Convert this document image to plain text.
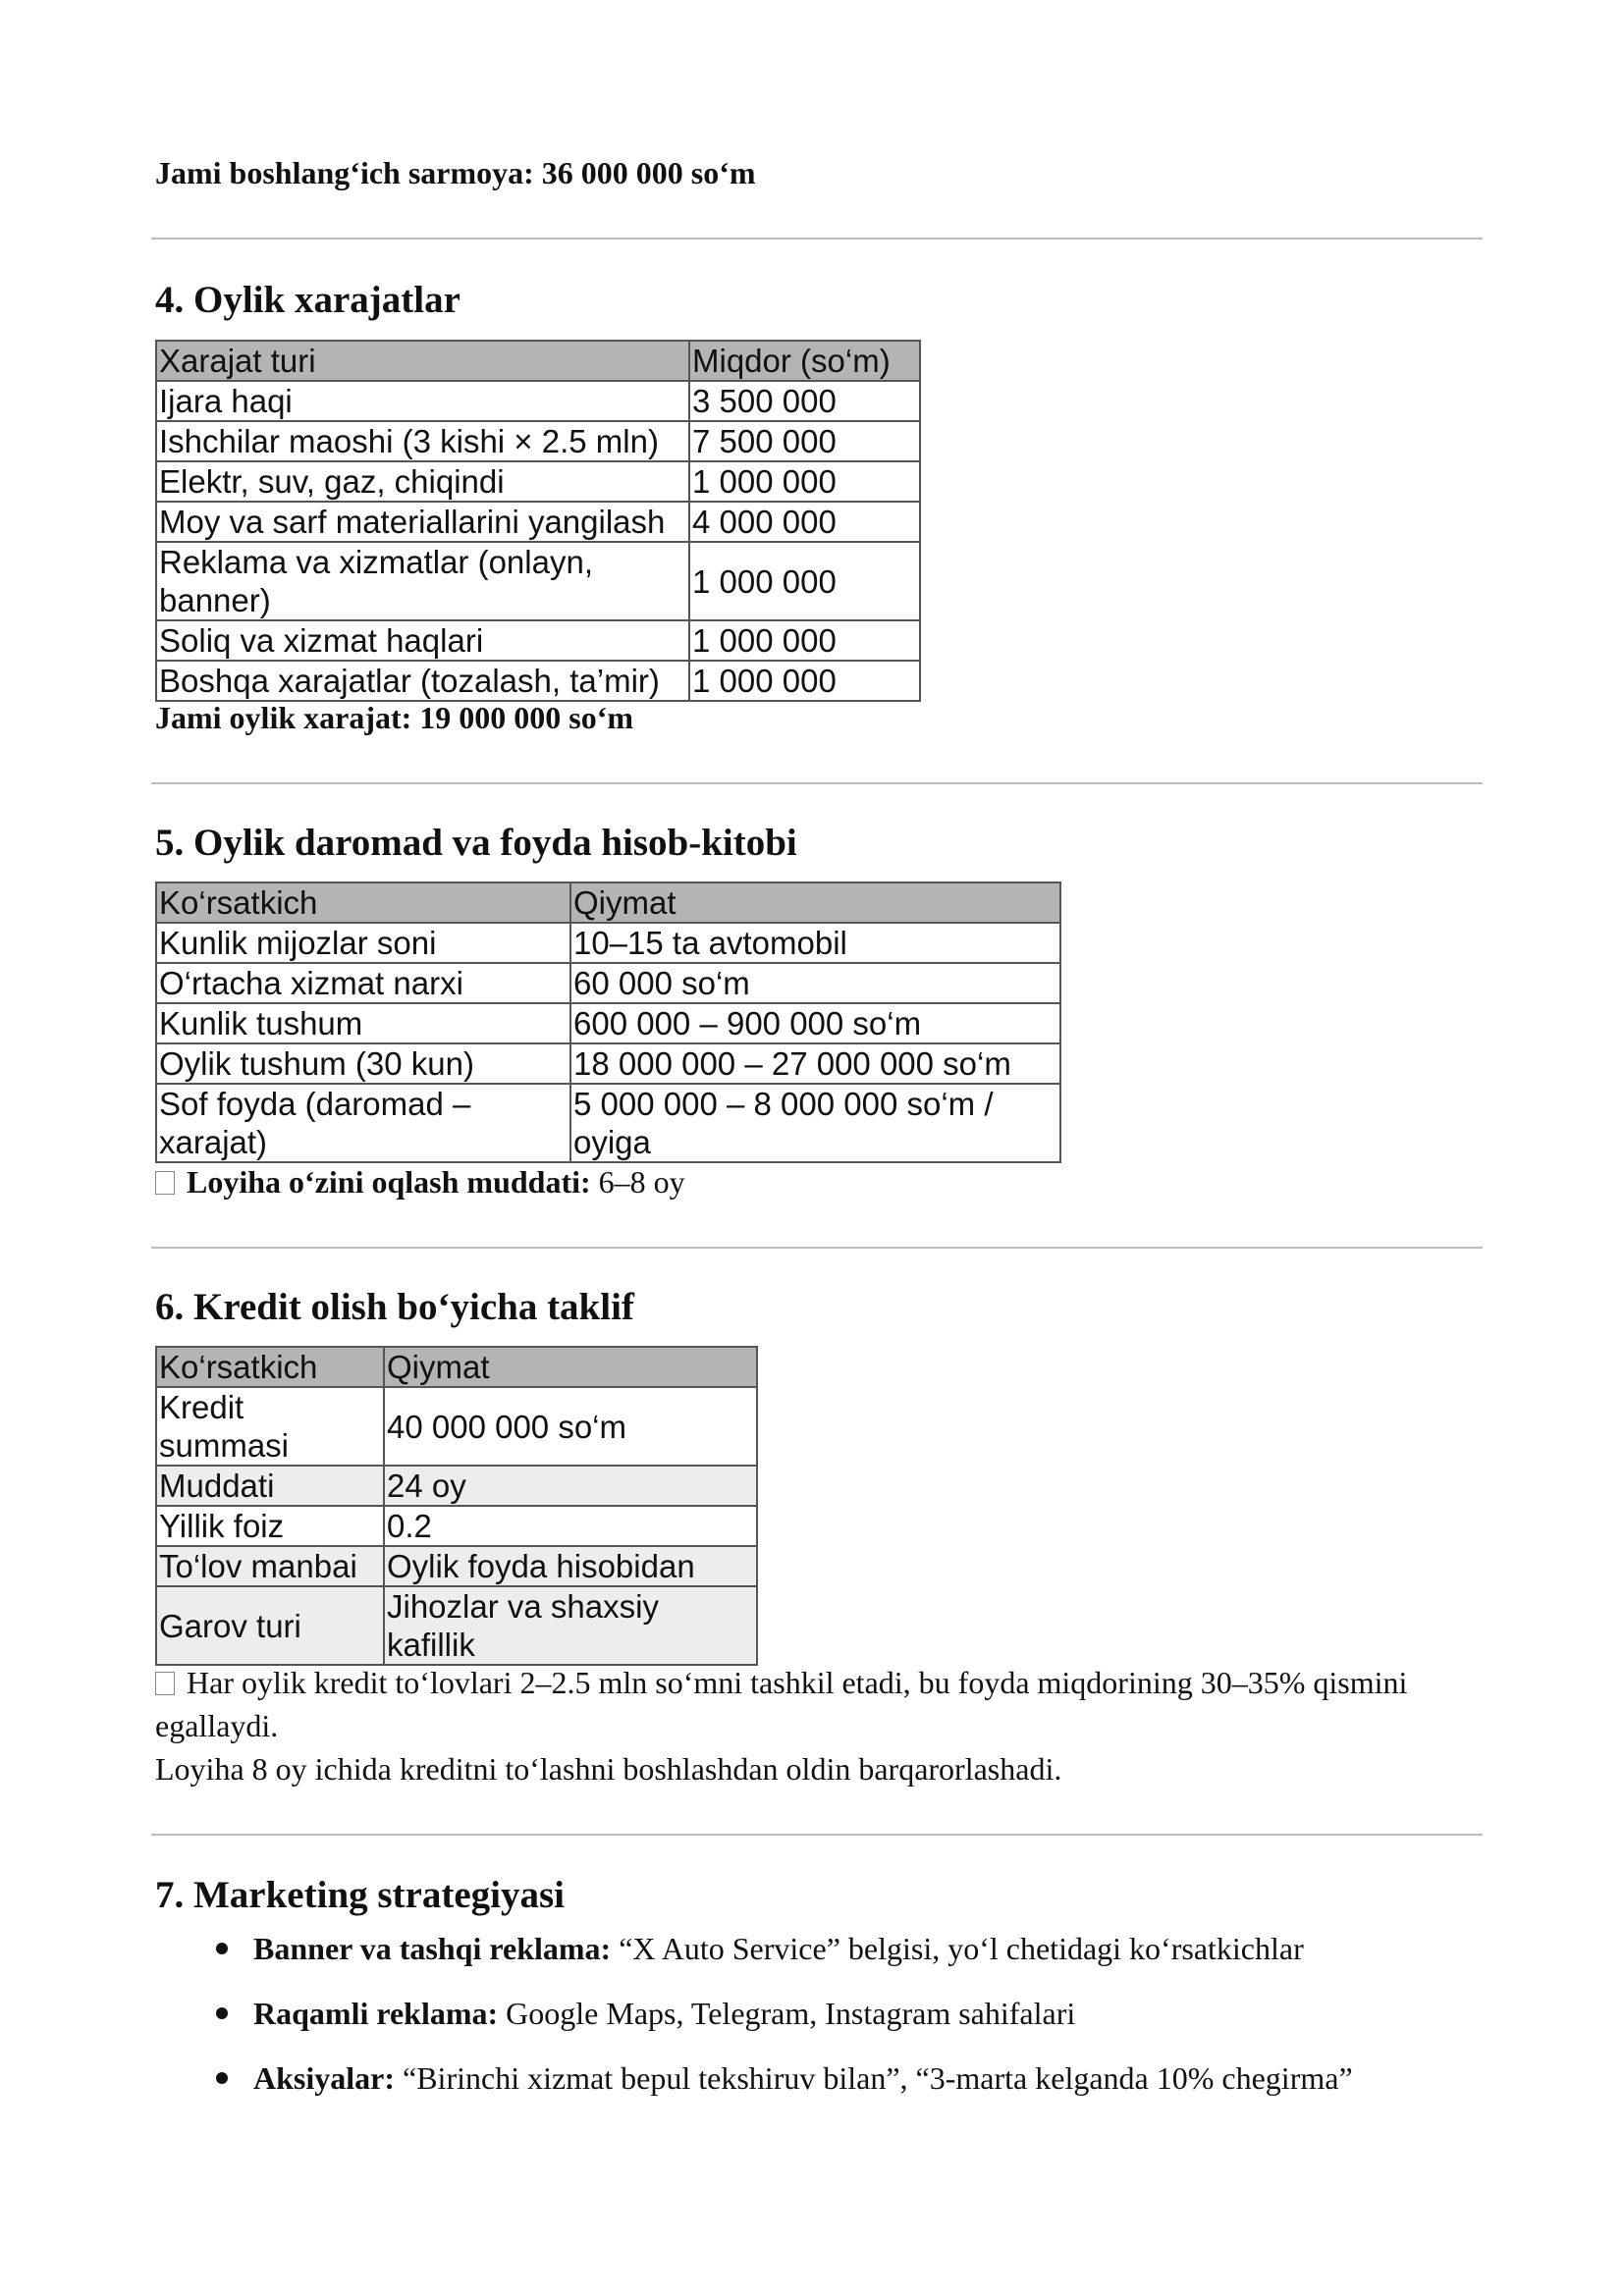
Jami boshlang‘ich sarmoya: 36 000 000 so‘m
4. Oylik xarajatlar
Xarajat turi	Miqdor (so‘m)
Ijara haqi	3 500 000
Ishchilar maoshi (3 kishi × 2.5 mln)	7 500 000
Elektr, suv, gaz, chiqindi	1 000 000
Moy va sarf materiallarini yangilash	4 000 000
Reklama va xizmatlar (onlayn, banner)	1 000 000
Soliq va xizmat haqlari	1 000 000
Boshqa xarajatlar (tozalash, ta’mir)	1 000 000
Jami oylik xarajat: 19 000 000 so‘m
5. Oylik daromad va foyda hisob-kitobi
Ko‘rsatkich	Qiymat
Kunlik mijozlar soni	10–15 ta avtomobil
O‘rtacha xizmat narxi	60 000 so‘m
Kunlik tushum	600 000 – 900 000 so‘m
Oylik tushum (30 kun)	18 000 000 – 27 000 000 so‘m
Sof foyda (daromad – xarajat)	5 000 000 – 8 000 000 so‘m / oyiga
Loyiha o‘zini oqlash muddati: 6–8 oy
6. Kredit olish bo‘yicha taklif
Ko‘rsatkich	Qiymat
Kredit summasi	40 000 000 so‘m
Muddati	24 oy
Yillik foiz	0.2
To‘lov manbai	Oylik foyda hisobidan
Garov turi	Jihozlar va shaxsiy kafillik
Har oylik kredit to‘lovlari 2–2.5 mln so‘mni tashkil etadi, bu foyda miqdorining 30–35% qismini egallaydi.
Loyiha 8 oy ichida kreditni to‘lashni boshlashdan oldin barqarorlashadi.
7. Marketing strategiyasi
Banner va tashqi reklama: “X Auto Service” belgisi, yo‘l chetidagi ko‘rsatkichlar
Raqamli reklama: Google Maps, Telegram, Instagram sahifalari
Aksiyalar: “Birinchi xizmat bepul tekshiruv bilan”, “3-marta kelganda 10% chegirma”
